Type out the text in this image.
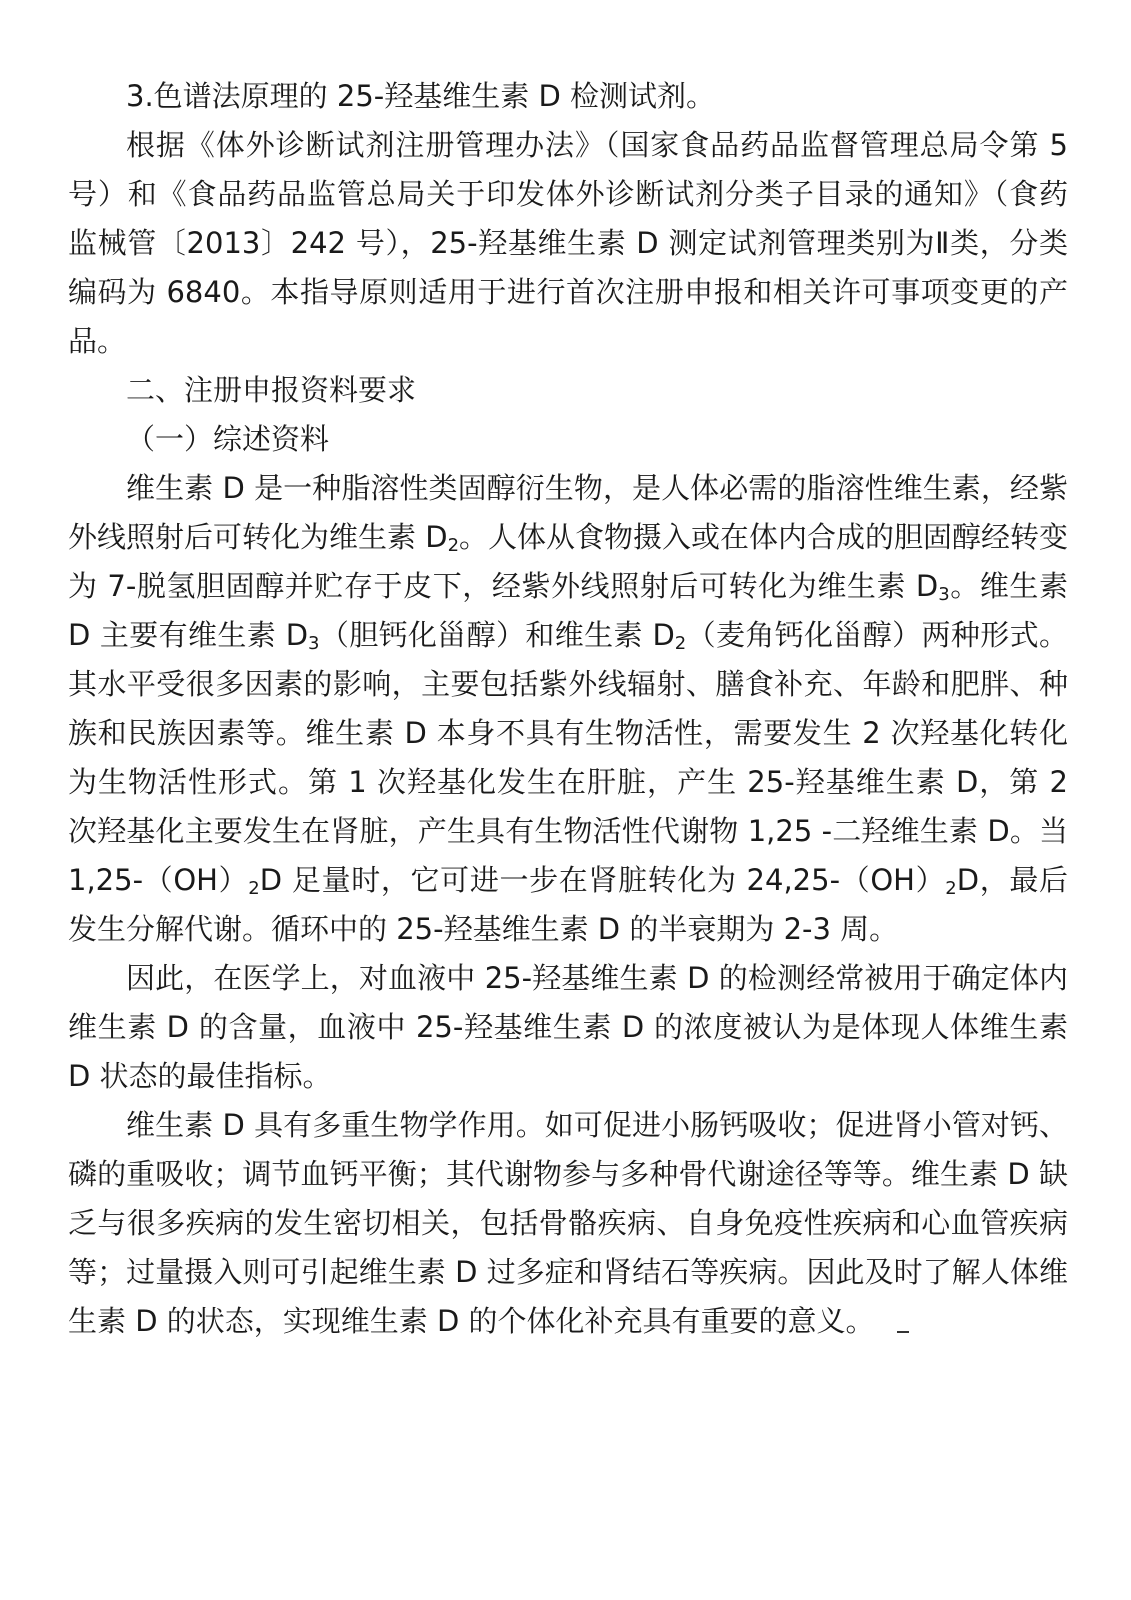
3.色谱法原理的 25-羟基维生素 D 检测试剂。

根据《体外诊断试剂注册管理办法》（国家食品药品监督管理总局令第 5 号）和《食品药品监管总局关于印发体外诊断试剂分类子目录的通知》（食药监械管〔2013〕242 号），25-羟基维生素 D 测定试剂管理类别为Ⅱ类，分类编码为 6840。本指导原则适用于进行首次注册申报和相关许可事项变更的产品。

二、注册申报资料要求

（一）综述资料

维生素 D 是一种脂溶性类固醇衍生物，是人体必需的脂溶性维生素，经紫外线照射后可转化为维生素 $D_2$。人体从食物摄入或在体内合成的胆固醇经转变为 7-脱氢胆固醇并贮存于皮下，经紫外线照射后可转化为维生素 $D_3$。维生素 D 主要有维生素 $D_3$（胆钙化甾醇）和维生素 $D_2$（麦角钙化甾醇）两种形式。其水平受很多因素的影响，主要包括紫外线辐射、膳食补充、年龄和肥胖、种族和民族因素等。维生素 D 本身不具有生物活性，需要发生 2 次羟基化转化为生物活性形式。第 1 次羟基化发生在肝脏，产生 25-羟基维生素 D，第 2 次羟基化主要发生在肾脏，产生具有生物活性代谢物 1,25 -二羟维生素 D。当 $1,25-(OH)_2D$ 足量时，它可进一步在肾脏转化为 $24,25-(OH)_2D$，最后发生分解代谢。循环中的 25-羟基维生素 D 的半衰期为 2-3 周。

因此，在医学上，对血液中 25-羟基维生素 D 的检测经常被用于确定体内维生素 D 的含量，血液中 25-羟基维生素 D 的浓度被认为是体现人体维生素 D 状态的最佳指标。

维生素 D 具有多重生物学作用。如可促进小肠钙吸收；促进肾小管对钙、磷的重吸收；调节血钙平衡；其代谢物参与多种骨代谢途径等等。维生素 D 缺乏与很多疾病的发生密切相关，包括骨骼疾病、自身免疫性疾病和心血管疾病等；过量摄入则可引起维生素 D 过多症和肾结石等疾病。因此及时了解人体维生素 D 的状态，实现维生素 D 的个体化补充具有重要的意义。
